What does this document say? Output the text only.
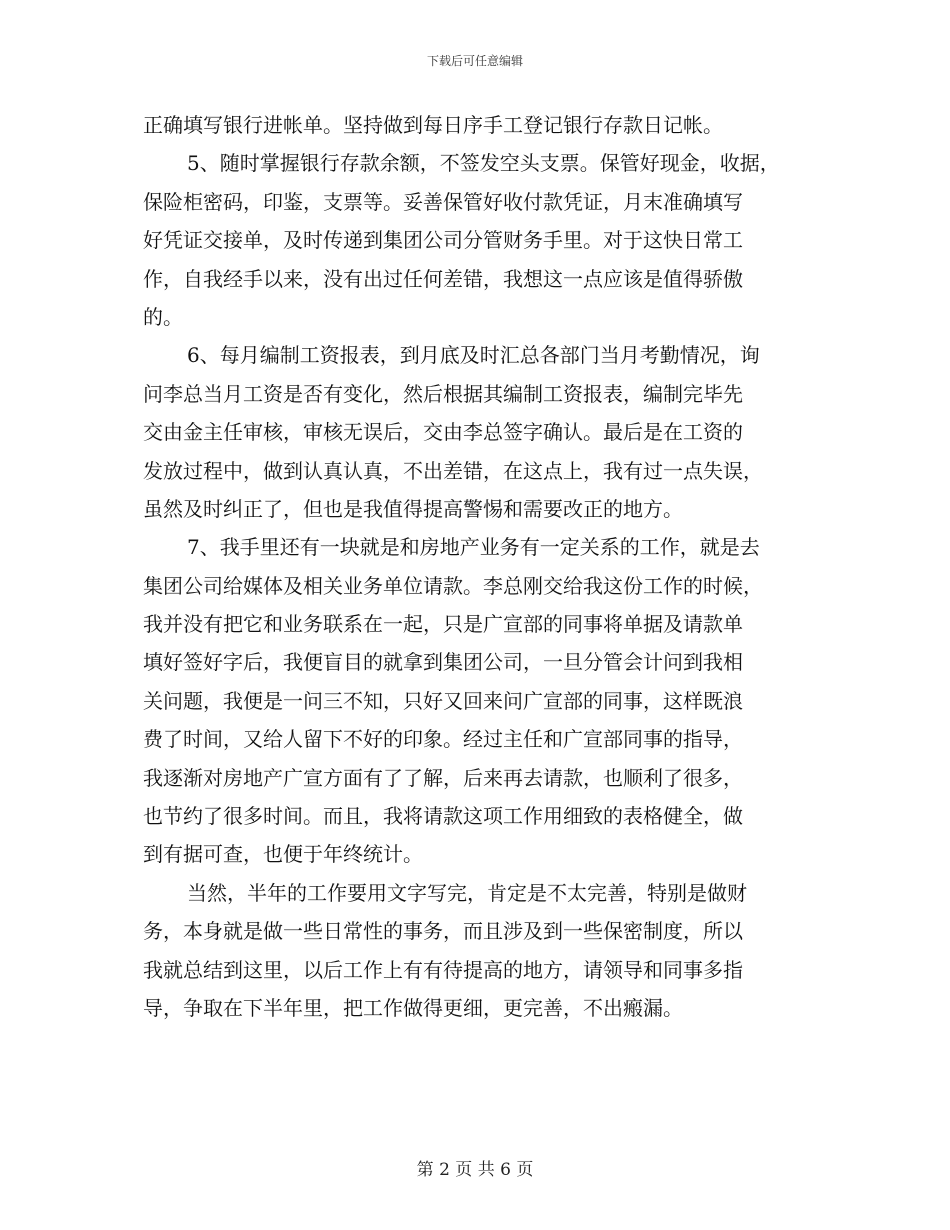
下载后可任意编辑
正确填写银行进帐单。坚持做到每日序手工登记银行存款日记帐。
5、随时掌握银行存款余额，不签发空头支票。保管好现金，收据，
保险柜密码，印鉴，支票等。妥善保管好收付款凭证，月末准确填写
好凭证交接单，及时传递到集团公司分管财务手里。对于这快日常工
作，自我经手以来，没有出过任何差错，我想这一点应该是值得骄傲
的。
6、每月编制工资报表，到月底及时汇总各部门当月考勤情况，询
问李总当月工资是否有变化，然后根据其编制工资报表，编制完毕先
交由金主任审核，审核无误后，交由李总签字确认。最后是在工资的
发放过程中，做到认真认真，不出差错，在这点上，我有过一点失误，
虽然及时纠正了，但也是我值得提高警惕和需要改正的地方。
7、我手里还有一块就是和房地产业务有一定关系的工作，就是去
集团公司给媒体及相关业务单位请款。李总刚交给我这份工作的时候，
我并没有把它和业务联系在一起，只是广宣部的同事将单据及请款单
填好签好字后，我便盲目的就拿到集团公司，一旦分管会计问到我相
关问题，我便是一问三不知，只好又回来问广宣部的同事，这样既浪
费了时间，又给人留下不好的印象。经过主任和广宣部同事的指导，
我逐渐对房地产广宣方面有了了解，后来再去请款，也顺利了很多，
也节约了很多时间。而且，我将请款这项工作用细致的表格健全，做
到有据可查，也便于年终统计。
当然，半年的工作要用文字写完，肯定是不太完善，特别是做财
务，本身就是做一些日常性的事务，而且涉及到一些保密制度，所以
我就总结到这里，以后工作上有有待提高的地方，请领导和同事多指
导，争取在下半年里，把工作做得更细，更完善，不出瘢漏。
第 2 页 共 6 页
